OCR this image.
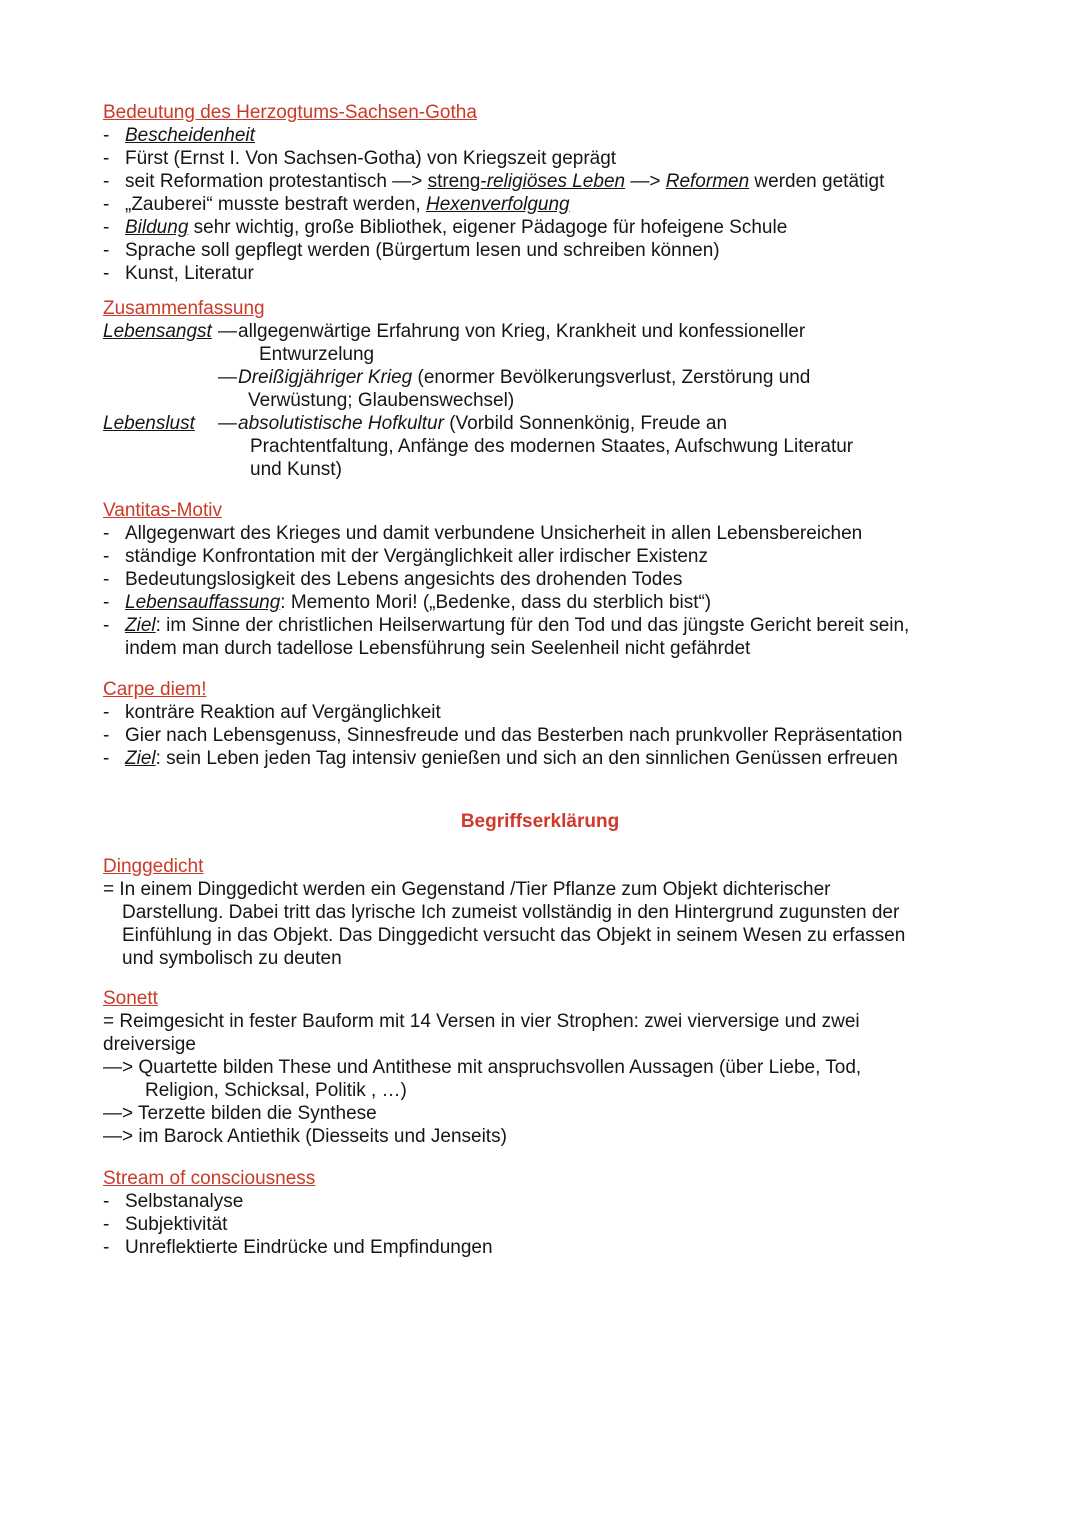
Bedeutung des Herzogtums-Sachsen-Gotha
- Bescheidenheit
- Fürst (Ernst I. Von Sachsen-Gotha) von Kriegszeit geprägt
- seit Reformation protestantisch —> streng-religiöses Leben —> Reformen werden getätigt
- „Zauberei“ musste bestraft werden, Hexenverfolgung
- Bildung sehr wichtig, große Bibliothek, eigener Pädagoge für hofeigene Schule
- Sprache soll gepflegt werden (Bürgertum lesen und schreiben können)
- Kunst, Literatur
Zusammenfassung
Lebensangst — allgegenwärtige Erfahrung von Krieg, Krankheit und konfessioneller
Entwurzelung
— Dreißigjähriger Krieg (enormer Bevölkerungsverlust, Zerstörung und
Verwüstung; Glaubenswechsel)
Lebenslust	— absolutistische Hofkultur (Vorbild Sonnenkönig, Freude an
Prachtentfaltung, Anfänge des modernen Staates, Aufschwung Literatur
und Kunst)
Vantitas-Motiv
- Allgegenwart des Krieges und damit verbundene Unsicherheit in allen Lebensbereichen
- ständige Konfrontation mit der Vergänglichkeit aller irdischer Existenz
- Bedeutungslosigkeit des Lebens angesichts des drohenden Todes
- Lebensauffassung: Memento Mori! („Bedenke, dass du sterblich bist“)
- Ziel: im Sinne der christlichen Heilserwartung für den Tod und das jüngste Gericht bereit sein,
indem man durch tadellose Lebensführung sein Seelenheil nicht gefährdet
Carpe diem!
- konträre Reaktion auf Vergänglichkeit
- Gier nach Lebensgenuss, Sinnesfreude und das Besterben nach prunkvoller Repräsentation
- Ziel: sein Leben jeden Tag intensiv genießen und sich an den sinnlichen Genüssen erfreuen
Begriffserklärung
Dinggedicht
= In einem Dinggedicht werden ein Gegenstand /Tier Pflanze zum Objekt dichterischer
Darstellung. Dabei tritt das lyrische Ich zumeist vollständig in den Hintergrund zugunsten der
Einfühlung in das Objekt. Das Dinggedicht versucht das Objekt in seinem Wesen zu erfassen
und symbolisch zu deuten
Sonett
= Reimgesicht in fester Bauform mit 14 Versen in vier Strophen: zwei vierversige und zwei
dreiversige
—> Quartette bilden These und Antithese mit anspruchsvollen Aussagen (über Liebe, Tod,
Religion, Schicksal, Politik , …)
—> Terzette bilden die Synthese
—> im Barock Antiethik (Diesseits und Jenseits)
Stream of consciousness
- Selbstanalyse
- Subjektivität
- Unreflektierte Eindrücke und Empfindungen
